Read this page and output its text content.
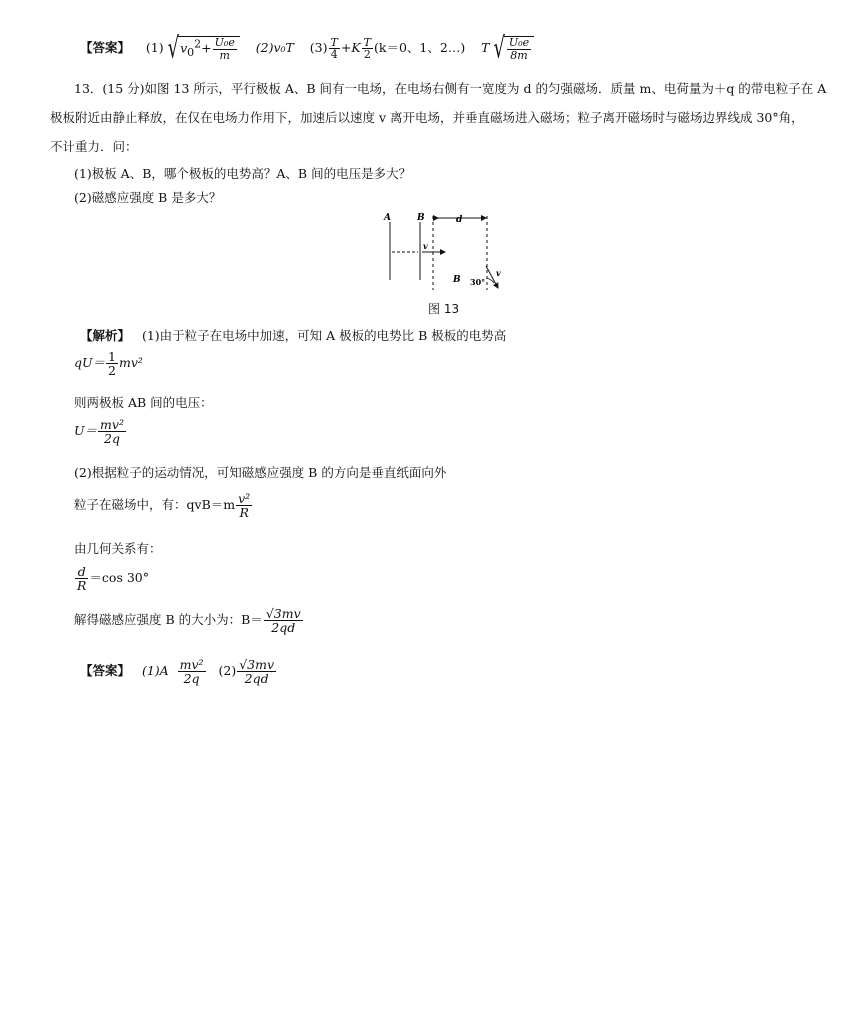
【答案】 (1) $√v_0^2+ \frac{\text{U₀e}}{m} (2)v_0T$ $(3) \frac{T}{4} +K \frac{T}{2} (k=0$、1、2…) T √ $\frac{\text{U₀e}}{8m}$
13．(15 分)如图 13 所示，平行极板 A、B 间有一电场，在电场右侧有一宽度为 d 的匀强磁场．质量 m、电荷量为＋q 的带电粒子在 A
极板附近由静止释放，在仅在电场力作用下，加速后以速度 v 离开电场，并垂直磁场进入磁场；粒子离开磁场时与磁场边界线成 30°角，
不计重力．问：
(1)极板 A、B，哪个极板的电势高？A、B 间的电压是多大？
(2)磁感应强度 B 是多大？
A	B	d
v
B 30°
v
图 13
【解析】 (1)由于粒子在电场中加速，可知 A 极板的电势比 B 极板的电势高
$qU= \frac{1}{2} mv^2$
则两极板 AB 间的电压：
$U= \frac{\text{mv²}}{2q}$
(2)根据粒子的运动情况，可知磁感应强度 B 的方向是垂直纸面向外
粒子在磁场中，有：$qvB=m \frac{\text{v²}}{R}$
由几何关系有：
$\frac{d}{R} =\cos$ 30°
解得磁感应强度 B 的大小为：$B= \frac{√3mv}{2qd}$
【答案】 $(1)A \frac{\text{mv²}}{2q} (2) \frac{√3mv}{2qd}$
